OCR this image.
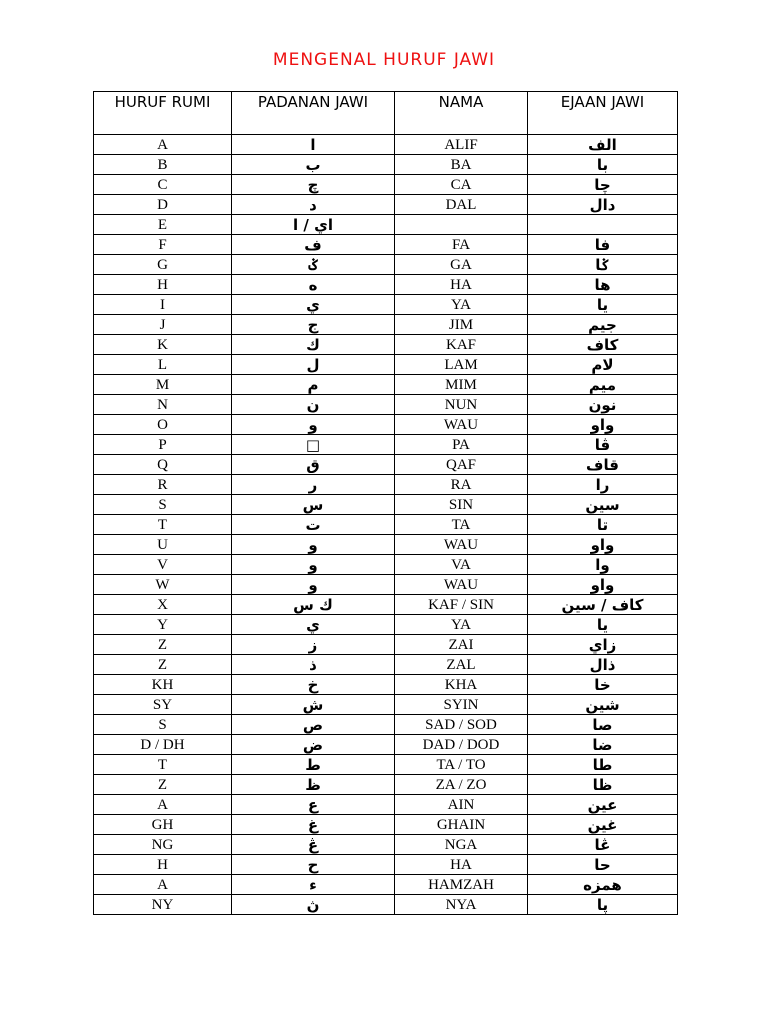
MENGENAL HURUF JAWI
HURUF RUMI	PADANAN JAWI	NAMA	EJAAN JAWI
A	ا	ALIF	الف
B	ب	BA	با
C	چ	CA	چا
D	د	DAL	دال
E	اي / ا		
F	ف	FA	فا
G	ݢ	GA	ݢا
H	ه	HA	ها
I	ي	YA	يا
J	ج	JIM	جيم
K	ك	KAF	كاف
L	ل	LAM	لام
M	م	MIM	ميم
N	ن	NUN	نون
O	و	WAU	واو
P	□	PA	ڤا
Q	ق	QAF	قاف
R	ر	RA	را
S	س	SIN	سين
T	ت	TA	تا
U	و	WAU	واو
V	و	VA	وا
W	و	WAU	واو
X	ك س	KAF / SIN	كاف / سين
Y	ي	YA	يا
Z	ز	ZAI	زاي
Z	ذ	ZAL	ذال
KH	خ	KHA	خا
SY	ش	SYIN	شين
S	ص	SAD / SOD	صا
D / DH	ض	DAD / DOD	ضا
T	ط	TA / TO	طا
Z	ظ	ZA / ZO	ظا
A	ع	AIN	عين
GH	غ	GHAIN	غين
NG	ڠ	NGA	ڠا
H	ح	HA	حا
A	ء	HAMZAH	همزه
NY	ڽ	NYA	ڽا
